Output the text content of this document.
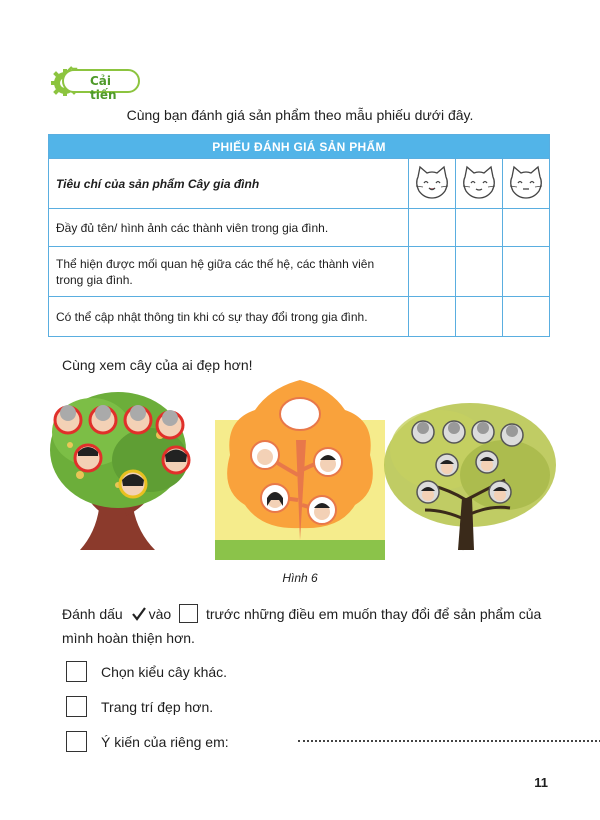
Cải tiến
Cùng bạn đánh giá sản phẩm theo mẫu phiếu dưới đây.
PHIẾU ĐÁNH GIÁ SẢN PHẨM			
Tiêu chí của sản phẩm Cây gia đình			
Đầy đủ tên/ hình ảnh các thành viên trong gia đình.			
Thể hiện được mối quan hệ giữa các thế hệ, các thành viên trong gia đình.			
Có thể cập nhật thông tin khi có sự thay đổi trong gia đình.			
Cùng xem cây của ai đẹp hơn!
Hình 6
Đánh dấu vào trước những điều em muốn thay đổi để sản phẩm của
mình hoàn thiện hơn.
Chọn kiểu cây khác.
Trang trí đẹp hơn.
Ý kiến của riêng em:
11
